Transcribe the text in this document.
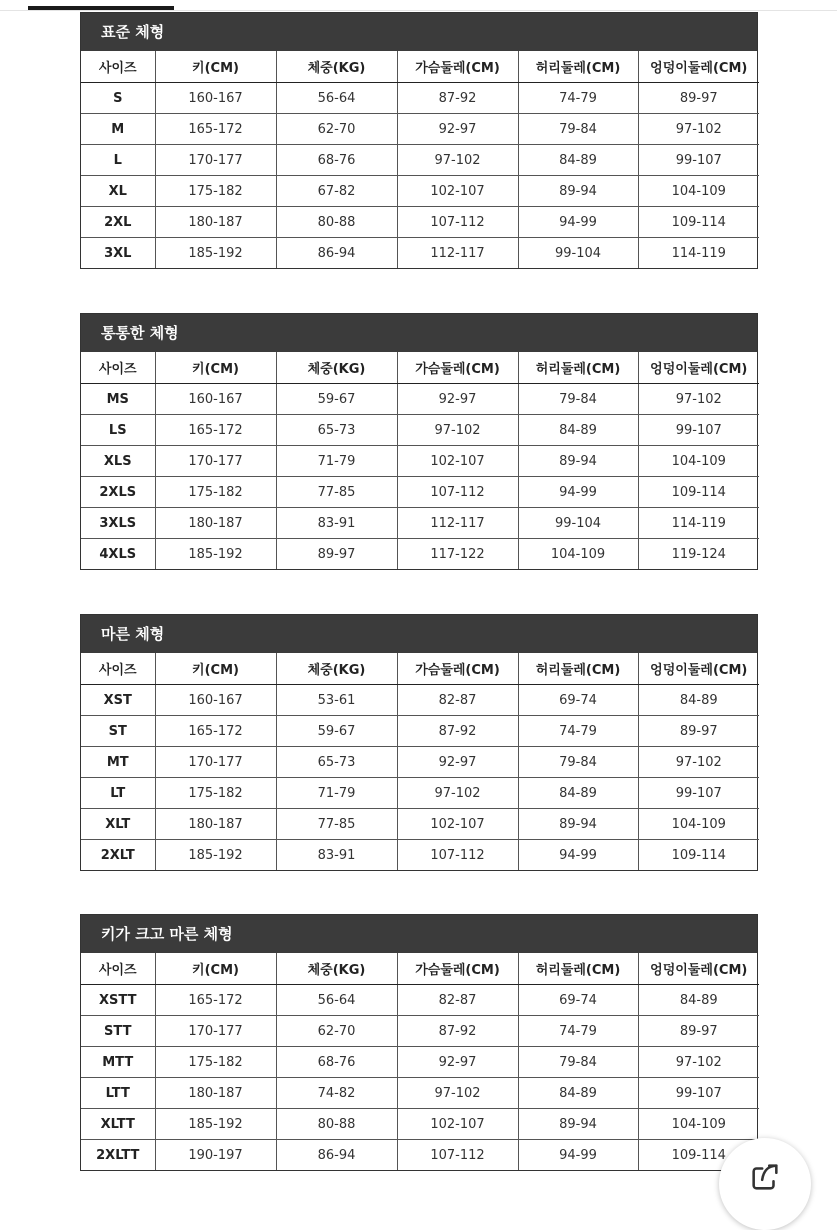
표준 체형
사이즈	키(CM)	체중(KG)	가슴둘레(CM)	허리둘레(CM)	엉덩이둘레(CM)
S	160-167	56-64	87-92	74-79	89-97
M	165-172	62-70	92-97	79-84	97-102
L	170-177	68-76	97-102	84-89	99-107
XL	175-182	67-82	102-107	89-94	104-109
2XL	180-187	80-88	107-112	94-99	109-114
3XL	185-192	86-94	112-117	99-104	114-119
통통한 체형
사이즈	키(CM)	체중(KG)	가슴둘레(CM)	허리둘레(CM)	엉덩이둘레(CM)
MS	160-167	59-67	92-97	79-84	97-102
LS	165-172	65-73	97-102	84-89	99-107
XLS	170-177	71-79	102-107	89-94	104-109
2XLS	175-182	77-85	107-112	94-99	109-114
3XLS	180-187	83-91	112-117	99-104	114-119
4XLS	185-192	89-97	117-122	104-109	119-124
마른 체형
사이즈	키(CM)	체중(KG)	가슴둘레(CM)	허리둘레(CM)	엉덩이둘레(CM)
XST	160-167	53-61	82-87	69-74	84-89
ST	165-172	59-67	87-92	74-79	89-97
MT	170-177	65-73	92-97	79-84	97-102
LT	175-182	71-79	97-102	84-89	99-107
XLT	180-187	77-85	102-107	89-94	104-109
2XLT	185-192	83-91	107-112	94-99	109-114
키가 크고 마른 체형
사이즈	키(CM)	체중(KG)	가슴둘레(CM)	허리둘레(CM)	엉덩이둘레(CM)
XSTT	165-172	56-64	82-87	69-74	84-89
STT	170-177	62-70	87-92	74-79	89-97
MTT	175-182	68-76	92-97	79-84	97-102
LTT	180-187	74-82	97-102	84-89	99-107
XLTT	185-192	80-88	102-107	89-94	104-109
2XLTT	190-197	86-94	107-112	94-99	109-114
